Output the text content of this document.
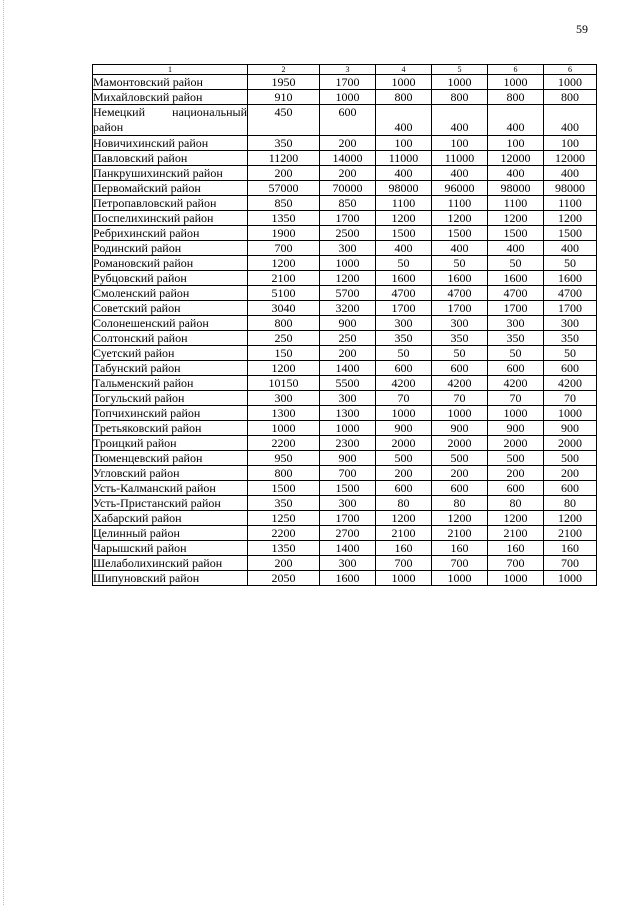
59
1	2	3	4	5	6	6
Мамонтовский район	1950	1700	1000	1000	1000	1000
Михайловский район	910	1000	800	800	800	800
Немецкий национальный район	450	600	400	400	400	400
Новичихинский район	350	200	100	100	100	100
Павловский район	11200	14000	11000	11000	12000	12000
Панкрушихинский район	200	200	400	400	400	400
Первомайский район	57000	70000	98000	96000	98000	98000
Петропавловский район	850	850	1100	1100	1100	1100
Поспелихинский район	1350	1700	1200	1200	1200	1200
Ребрихинский район	1900	2500	1500	1500	1500	1500
Родинский район	700	300	400	400	400	400
Романовский район	1200	1000	50	50	50	50
Рубцовский район	2100	1200	1600	1600	1600	1600
Смоленский район	5100	5700	4700	4700	4700	4700
Советский район	3040	3200	1700	1700	1700	1700
Солонешенский район	800	900	300	300	300	300
Солтонский район	250	250	350	350	350	350
Суетский район	150	200	50	50	50	50
Табунский район	1200	1400	600	600	600	600
Тальменский район	10150	5500	4200	4200	4200	4200
Тогульский район	300	300	70	70	70	70
Топчихинский район	1300	1300	1000	1000	1000	1000
Третьяковский район	1000	1000	900	900	900	900
Троицкий район	2200	2300	2000	2000	2000	2000
Тюменцевский район	950	900	500	500	500	500
Угловский район	800	700	200	200	200	200
Усть-Калманский район	1500	1500	600	600	600	600
Усть-Пристанский район	350	300	80	80	80	80
Хабарский район	1250	1700	1200	1200	1200	1200
Целинный район	2200	2700	2100	2100	2100	2100
Чарышский район	1350	1400	160	160	160	160
Шелаболихинский район	200	300	700	700	700	700
Шипуновский район	2050	1600	1000	1000	1000	1000
